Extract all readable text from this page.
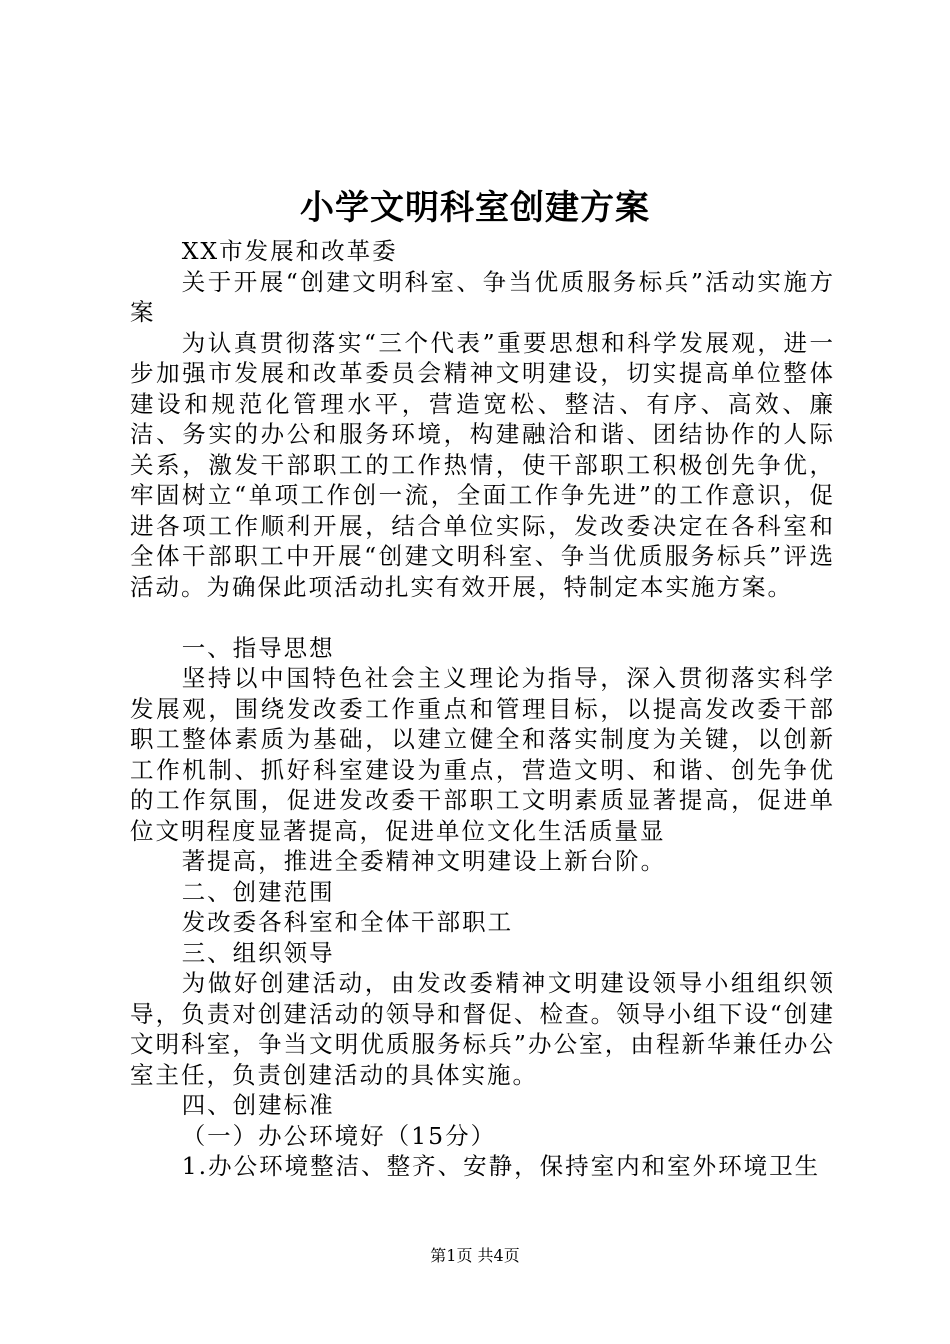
小学文明科室创建方案

XX市发展和改革委

关于开展“创建文明科室、争当优质服务标兵”活动实施方案

为认真贯彻落实“三个代表”重要思想和科学发展观，进一步加强市发展和改革委员会精神文明建设，切实提高单位整体建设和规范化管理水平，营造宽松、整洁、有序、高效、廉洁、务实的办公和服务环境，构建融洽和谐、团结协作的人际关系，激发干部职工的工作热情，使干部职工积极创先争优，牢固树立“单项工作创一流，全面工作争先进”的工作意识，促进各项工作顺利开展，结合单位实际，发改委决定在各科室和全体干部职工中开展“创建文明科室、争当优质服务标兵”评选活动。为确保此项活动扎实有效开展，特制定本实施方案。

一、指导思想

坚持以中国特色社会主义理论为指导，深入贯彻落实科学发展观，围绕发改委工作重点和管理目标，以提高发改委干部职工整体素质为基础，以建立健全和落实制度为关键，以创新工作机制、抓好科室建设为重点，营造文明、和谐、创先争优的工作氛围，促进发改委干部职工文明素质显著提高，促进单位文明程度显著提高，促进单位文化生活质量显

著提高，推进全委精神文明建设上新台阶。

二、创建范围

发改委各科室和全体干部职工

三、组织领导

为做好创建活动，由发改委精神文明建设领导小组组织领导，负责对创建活动的领导和督促、检查。领导小组下设“创建文明科室，争当文明优质服务标兵”办公室，由程新华兼任办公室主任，负责创建活动的具体实施。

四、创建标准

（一）办公环境好（15分）

1.办公环境整洁、整齐、安静，保持室内和室外环境卫生

第1页 共4页
